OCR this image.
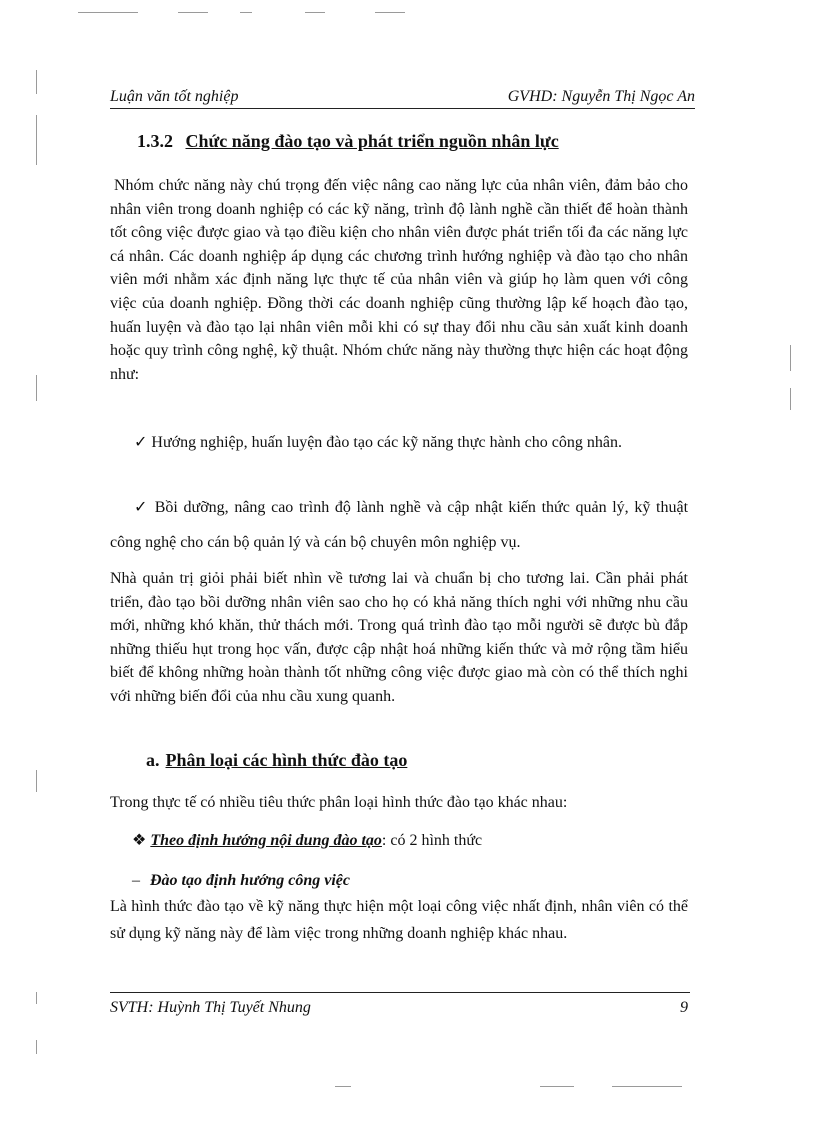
Luận văn tốt nghiệp	GVHD: Nguyễn Thị Ngọc An
1.3.2 Chức năng đào tạo và phát triển nguồn nhân lực

Nhóm chức năng này chú trọng đến việc nâng cao năng lực của nhân viên, đảm bảo cho nhân viên trong doanh nghiệp có các kỹ năng, trình độ lành nghề cần thiết để hoàn thành tốt công việc được giao và tạo điều kiện cho nhân viên được phát triển tối đa các năng lực cá nhân. Các doanh nghiệp áp dụng các chương trình hướng nghiệp và đào tạo cho nhân viên mới nhằm xác định năng lực thực tế của nhân viên và giúp họ làm quen với công việc của doanh nghiệp. Đồng thời các doanh nghiệp cũng thường lập kế hoạch đào tạo, huấn luyện và đào tạo lại nhân viên mỗi khi có sự thay đổi nhu cầu sản xuất kinh doanh hoặc quy trình công nghệ, kỹ thuật. Nhóm chức năng này thường thực hiện các hoạt động như:

✓ Hướng nghiệp, huấn luyện đào tạo các kỹ năng thực hành cho công nhân.

✓ Bồi dưỡng, nâng cao trình độ lành nghề và cập nhật kiến thức quản lý, kỹ thuật công nghệ cho cán bộ quản lý và cán bộ chuyên môn nghiệp vụ.

Nhà quản trị giỏi phải biết nhìn về tương lai và chuẩn bị cho tương lai. Cần phải phát triển, đào tạo bồi dưỡng nhân viên sao cho họ có khả năng thích nghi với những nhu cầu mới, những khó khăn, thử thách mới. Trong quá trình đào tạo mỗi người sẽ được bù đắp những thiếu hụt trong học vấn, được cập nhật hoá những kiến thức và mở rộng tầm hiểu biết để không những hoàn thành tốt những công việc được giao mà còn có thể thích nghi với những biến đổi của nhu cầu xung quanh.

a. Phân loại các hình thức đào tạo

Trong thực tế có nhiều tiêu thức phân loại hình thức đào tạo khác nhau:

❖ Theo định hướng nội dung đào tạo: có 2 hình thức
– Đào tạo định hướng công việc

Là hình thức đào tạo về kỹ năng thực hiện một loại công việc nhất định, nhân viên có thể sử dụng kỹ năng này để làm việc trong những doanh nghiệp khác nhau.

SVTH: Huỳnh Thị Tuyết Nhung	9
